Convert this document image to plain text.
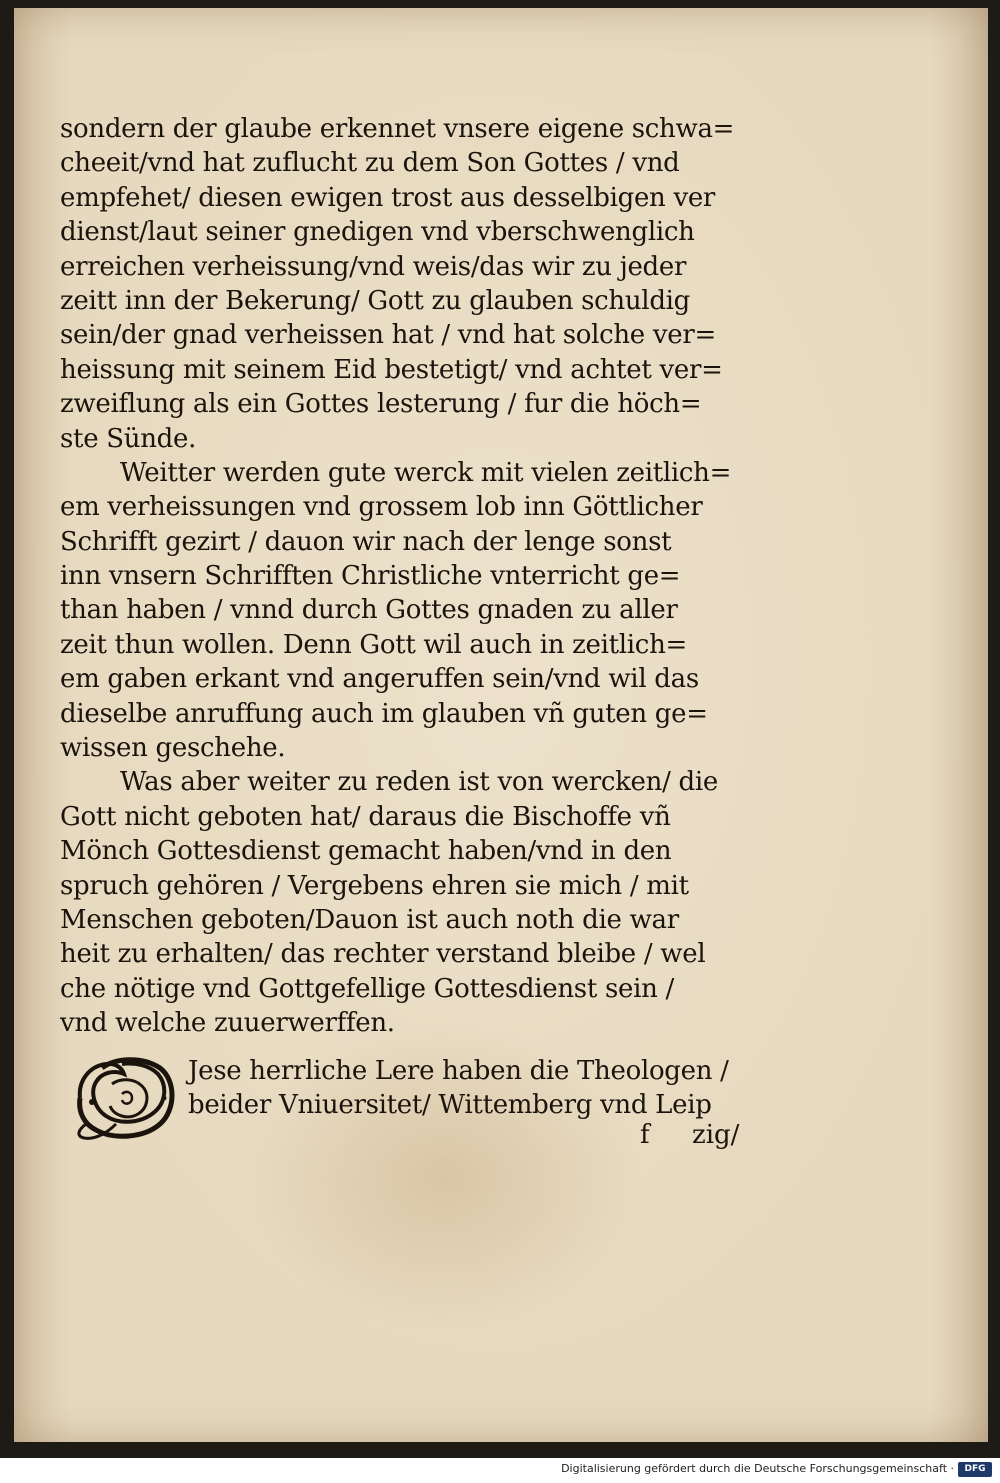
sondern der glaube erkennet vnsere eigene schwa=
cheeit/vnd hat zuflucht zu dem Son Gottes / vnd
empfehet/ diesen ewigen trost aus desselbigen ver
dienst/laut seiner gnedigen vnd vberschwenglich
erreichen verheissung/vnd weis/das wir zu jeder
zeitt inn der Bekerung/ Gott zu glauben schuldig
sein/der gnad verheissen hat / vnd hat solche ver=
heissung mit seinem Eid bestetigt/ vnd achtet ver=
zweiflung als ein Gottes lesterung / fur die höch=
ste Sünde.
Weitter werden gute werck mit vielen zeitlich=
em verheissungen vnd grossem lob inn Göttlicher
Schrifft gezirt / dauon wir nach der lenge sonst
inn vnsern Schrifften Christliche vnterricht ge=
than haben / vnnd durch Gottes gnaden zu aller
zeit thun wollen. Denn Gott wil auch in zeitlich=
em gaben erkant vnd angeruffen sein/vnd wil das
dieselbe anruffung auch im glauben vñ guten ge=
wissen geschehe.
Was aber weiter zu reden ist von wercken/ die
Gott nicht geboten hat/ daraus die Bischoffe vñ
Mönch Gottesdienst gemacht haben/vnd in den
spruch gehören / Vergebens ehren sie mich / mit
Menschen geboten/Dauon ist auch noth die war
heit zu erhalten/ das rechter verstand bleibe / wel
che nötige vnd Gottgefellige Gottesdienst sein /
vnd welche zuuerwerffen.
Jese herrliche Lere haben die Theologen /
beider Vniuersitet/ Wittemberg vnd Leip
f zig/
Digitalisierung gefördert durch die Deutsche Forschungsgemeinschaft ·	DFG
